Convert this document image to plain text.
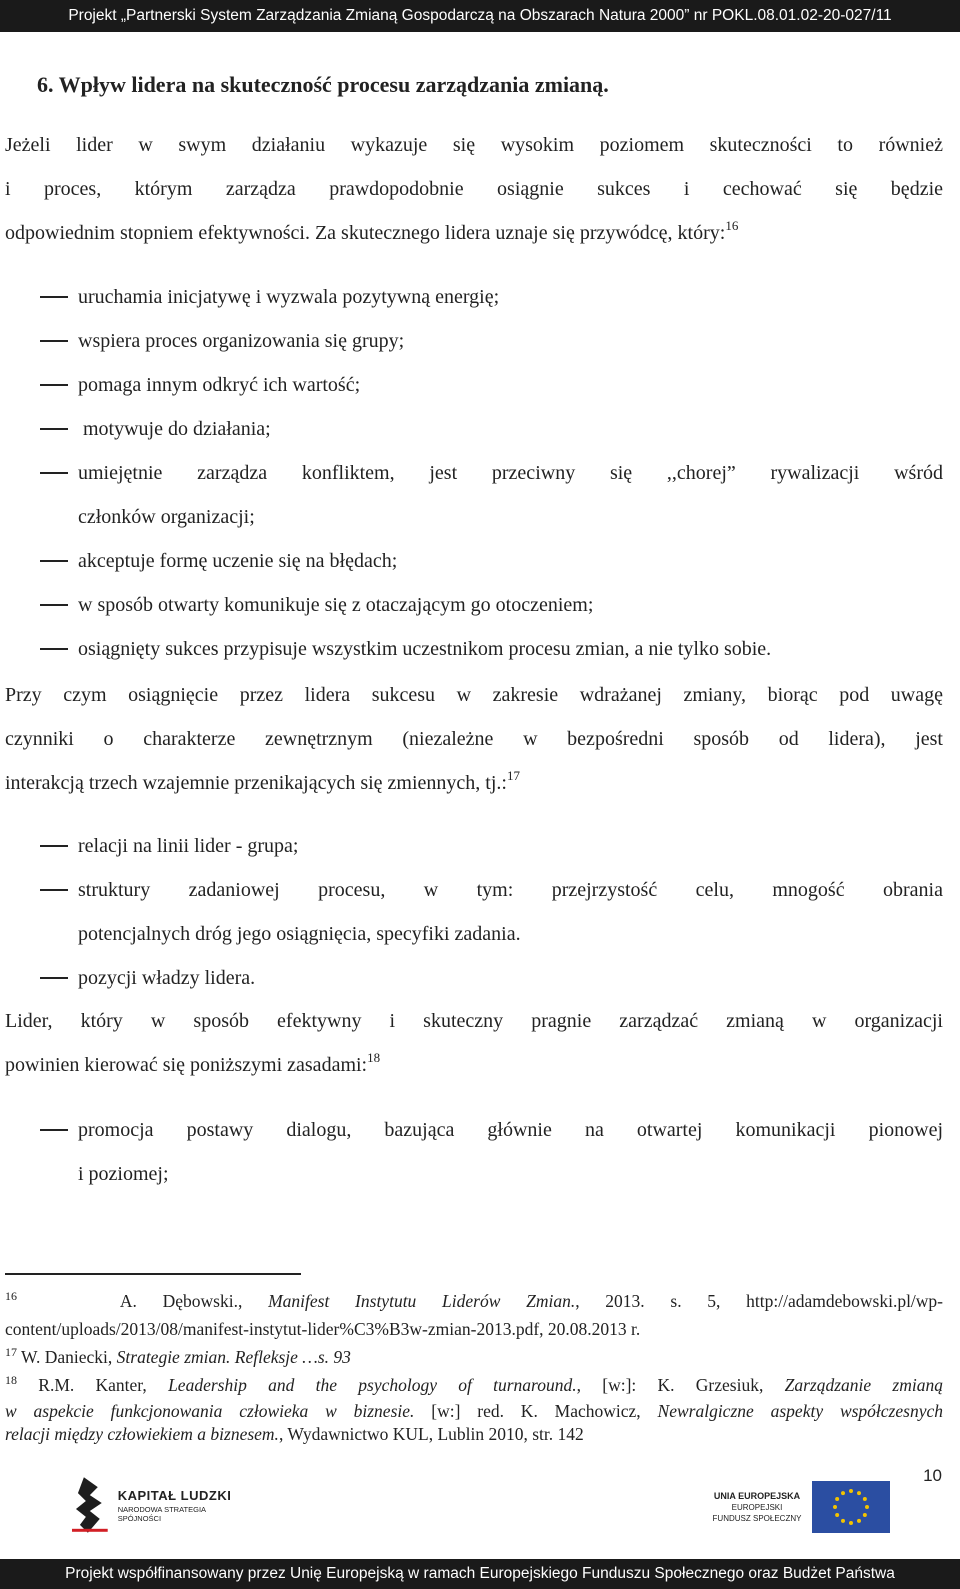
Projekt „Partnerski System Zarządzania Zmianą Gospodarczą na Obszarach Natura 2000” nr POKL.08.01.02-20-027/11
6. Wpływ lidera na skuteczność procesu zarządzania zmianą.
Jeżeli lider w swym działaniu wykazuje się wysokim poziomem skuteczności to również
i proces, którym zarządza prawdopodobnie osiągnie sukces i cechować się będzie
odpowiednim stopniem efektywności. Za skutecznego lidera uznaje się przywódcę, który:$^{16}$
uruchamia inicjatywę i wyzwala pozytywną energię;
wspiera proces organizowania się grupy;
pomaga innym odkryć ich wartość;
motywuje do działania;
umiejętnie zarządza konfliktem, jest przeciwny się ,,chorej” rywalizacji wśród
członków organizacji;
akceptuje formę uczenie się na błędach;
w sposób otwarty komunikuje się z otaczającym go otoczeniem;
osiągnięty sukces przypisuje wszystkim uczestnikom procesu zmian, a nie tylko sobie.
Przy czym osiągnięcie przez lidera sukcesu w zakresie wdrażanej zmiany, biorąc pod uwagę
czynniki o charakterze zewnętrznym (niezależne w bezpośredni sposób od lidera), jest
interakcją trzech wzajemnie przenikających się zmiennych, tj.:$^{17}$
relacji na linii lider - grupa;
struktury zadaniowej procesu, w tym: przejrzystość celu, mnogość obrania
potencjalnych dróg jego osiągnięcia, specyfiki zadania.
pozycji władzy lidera.
Lider, który w sposób efektywny i skuteczny pragnie zarządzać zmianą w organizacji
powinien kierować się poniższymi zasadami:$^{18}$
promocja postawy dialogu, bazująca głównie na otwartej komunikacji pionowej
i poziomej;
$^{16}$	A. Dębowski., Manifest Instytutu Liderów Zmian., 2013. s. 5, http://adamdebowski.pl/wp-
content/uploads/2013/08/manifest-instytut-lider%C3%B3w-zmian-2013.pdf, 20.08.2013 r.
$^{17}$ W. Daniecki, Strategie zmian. Refleksje …s. 93
$^{18}$ R.M. Kanter, Leadership and the psychology of turnaround., [w:]: K. Grzesiuk, Zarządzanie zmianą
w aspekcie funkcjonowania człowieka w biznesie. [w:] red. K. Machowicz, Newralgiczne aspekty współczesnych
relacji między człowiekiem a biznesem., Wydawnictwo KUL, Lublin 2010, str. 142
10
KAPITAŁ LUDZKI
NARODOWA STRATEGIA SPÓJNOŚCI
UNIA EUROPEJSKA
EUROPEJSKI
FUNDUSZ SPOŁECZNY
Projekt współfinansowany przez Unię Europejską w ramach Europejskiego Funduszu Społecznego oraz Budżet Państwa
